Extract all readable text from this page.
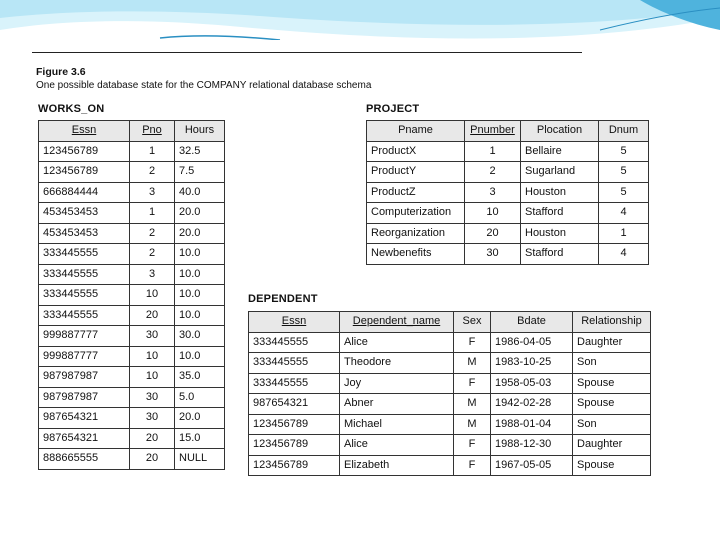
Figure 3.6
One possible database state for the COMPANY relational database schema
WORKS_ON
Essn	Pno	Hours
123456789	1	32.5
123456789	2	7.5
666884444	3	40.0
453453453	1	20.0
453453453	2	20.0
333445555	2	10.0
333445555	3	10.0
333445555	10	10.0
333445555	20	10.0
999887777	30	30.0
999887777	10	10.0
987987987	10	35.0
987987987	30	5.0
987654321	30	20.0
987654321	20	15.0
888665555	20	NULL
PROJECT
Pname	Pnumber	Plocation	Dnum
ProductX	1	Bellaire	5
ProductY	2	Sugarland	5
ProductZ	3	Houston	5
Computerization	10	Stafford	4
Reorganization	20	Houston	1
Newbenefits	30	Stafford	4
DEPENDENT
Essn	Dependent_name	Sex	Bdate	Relationship
333445555	Alice	F	1986-04-05	Daughter
333445555	Theodore	M	1983-10-25	Son
333445555	Joy	F	1958-05-03	Spouse
987654321	Abner	M	1942-02-28	Spouse
123456789	Michael	M	1988-01-04	Son
123456789	Alice	F	1988-12-30	Daughter
123456789	Elizabeth	F	1967-05-05	Spouse
